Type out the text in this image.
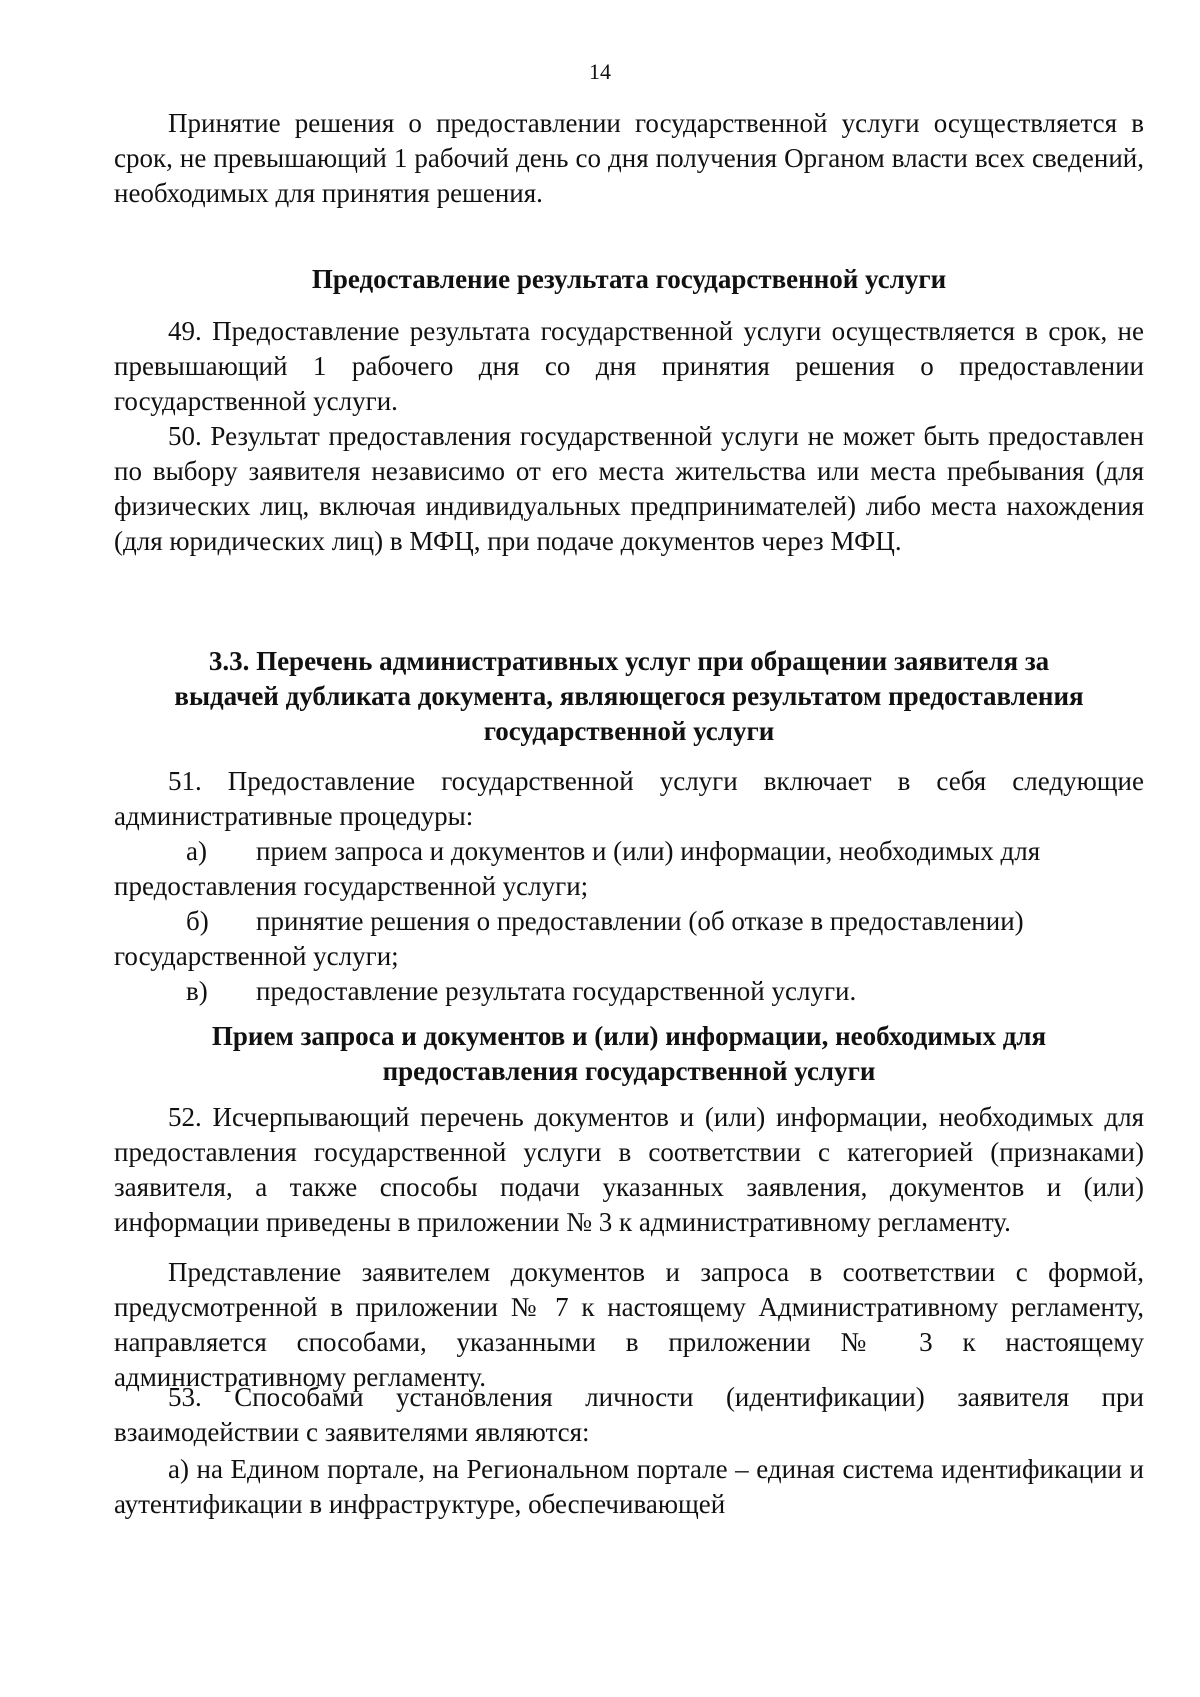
14

Принятие решения о предоставлении государственной услуги осуществляется в срок, не превышающий 1 рабочий день со дня получения Органом власти всех сведений, необходимых для принятия решения.

Предоставление результата государственной услуги

49. Предоставление результата государственной услуги осуществляется в срок, не превышающий 1 рабочего дня со дня принятия решения о предоставлении государственной услуги.

50. Результат предоставления государственной услуги не может быть предоставлен по выбору заявителя независимо от его места жительства или места пребывания (для физических лиц, включая индивидуальных предпринимателей) либо места нахождения (для юридических лиц) в МФЦ, при подаче документов через МФЦ.

3.3. Перечень административных услуг при обращении заявителя за

выдачей дубликата документа, являющегося результатом предоставления

государственной услуги

51. Предоставление государственной услуги включает в себя следующие административные процедуры:

а)	прием запроса и документов и (или) информации, необходимых для

предоставления государственной услуги;

б)	принятие решения о предоставлении (об отказе в предоставлении)

государственной услуги;

в)	предоставление результата государственной услуги.

Прием запроса и документов и (или) информации, необходимых для

предоставления государственной услуги

52. Исчерпывающий перечень документов и (или) информации, необходимых для предоставления государственной услуги в соответствии с категорией (признаками) заявителя, а также способы подачи указанных заявления, документов и (или) информации приведены в приложении № 3 к административному регламенту.

Представление заявителем документов и запроса в соответствии с формой, предусмотренной в приложении № 7 к настоящему Административному регламенту, направляется способами, указанными в приложении № 3 к настоящему административному регламенту.

53. Способами установления личности (идентификации) заявителя при взаимодействии с заявителями являются:

а) на Едином портале, на Региональном портале – единая система идентификации и аутентификации в инфраструктуре, обеспечивающей
